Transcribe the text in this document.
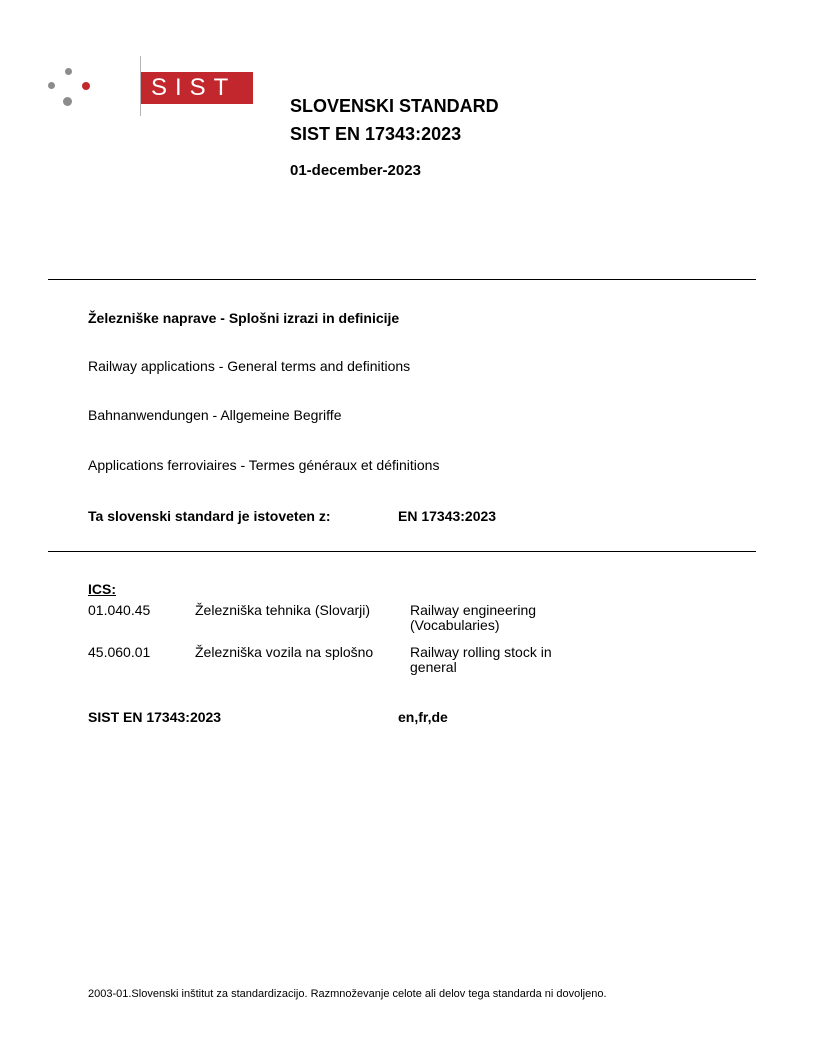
SIST
SLOVENSKI STANDARD
SIST EN 17343:2023
01-december-2023
Železniške naprave - Splošni izrazi in definicije
Railway applications - General terms and definitions
Bahnanwendungen - Allgemeine Begriffe
Applications ferroviaires - Termes généraux et définitions
Ta slovenski standard je istoveten z:	EN 17343:2023
ICS:
01.040.45	Železniška tehnika (Slovarji)	Railway engineering (Vocabularies)
45.060.01	Železniška vozila na splošno	Railway rolling stock in general
SIST EN 17343:2023	en,fr,de
2003-01.Slovenski inštitut za standardizacijo. Razmnoževanje celote ali delov tega standarda ni dovoljeno.
